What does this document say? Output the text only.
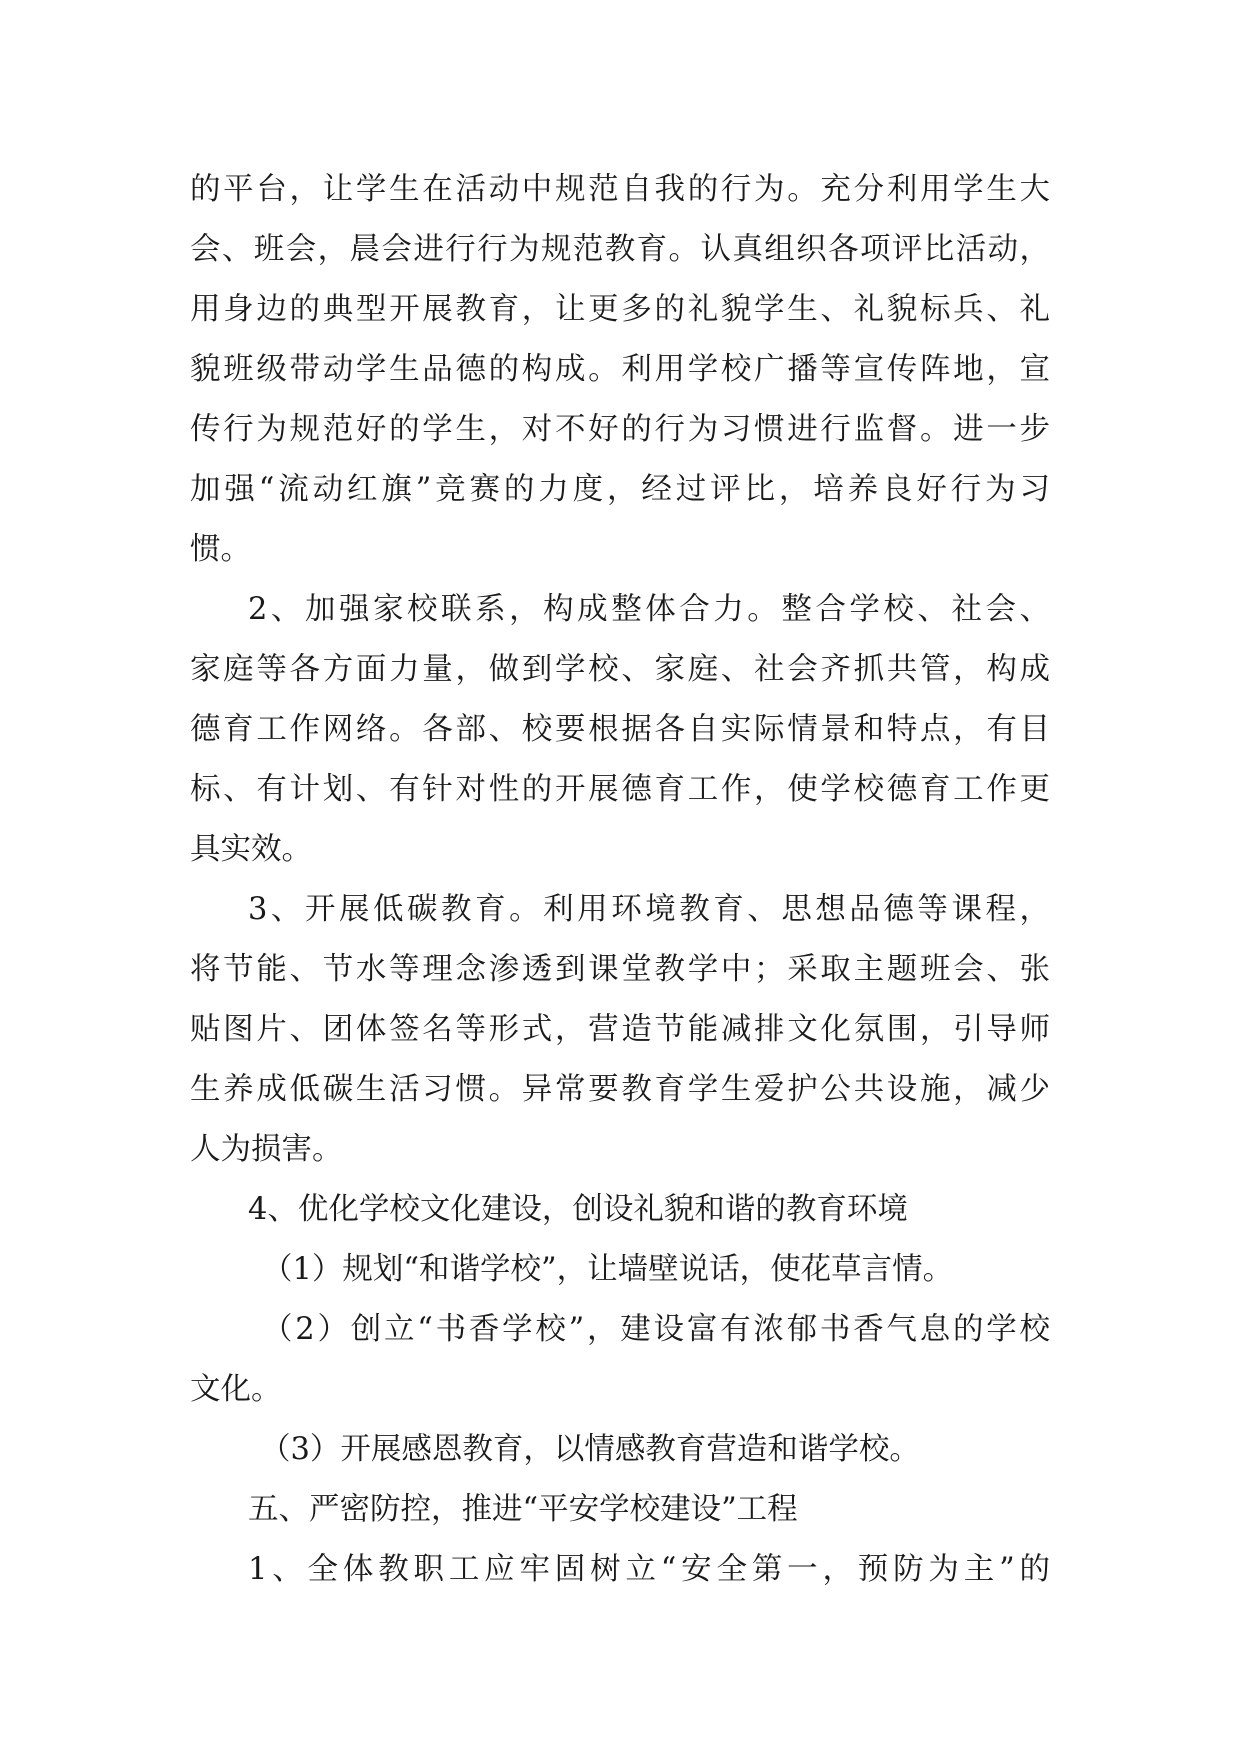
的平台，让学生在活动中规范自我的行为。充分利用学生大
会、班会，晨会进行行为规范教育。认真组织各项评比活动，
用身边的典型开展教育，让更多的礼貌学生、礼貌标兵、礼
貌班级带动学生品德的构成。利用学校广播等宣传阵地，宣
传行为规范好的学生，对不好的行为习惯进行监督。进一步
加强“流动红旗”竞赛的力度，经过评比，培养良好行为习
惯。
2、加强家校联系，构成整体合力。整合学校、社会、
家庭等各方面力量，做到学校、家庭、社会齐抓共管，构成
德育工作网络。各部、校要根据各自实际情景和特点，有目
标、有计划、有针对性的开展德育工作，使学校德育工作更
具实效。
3、开展低碳教育。利用环境教育、思想品德等课程，
将节能、节水等理念渗透到课堂教学中；采取主题班会、张
贴图片、团体签名等形式，营造节能减排文化氛围，引导师
生养成低碳生活习惯。异常要教育学生爱护公共设施，减少
人为损害。
4、优化学校文化建设，创设礼貌和谐的教育环境
（1）规划“和谐学校”，让墙壁说话，使花草言情。
（2）创立“书香学校”，建设富有浓郁书香气息的学校
文化。
（3）开展感恩教育，以情感教育营造和谐学校。
五、严密防控，推进“平安学校建设”工程
1、全体教职工应牢固树立“安全第一，预防为主”的
